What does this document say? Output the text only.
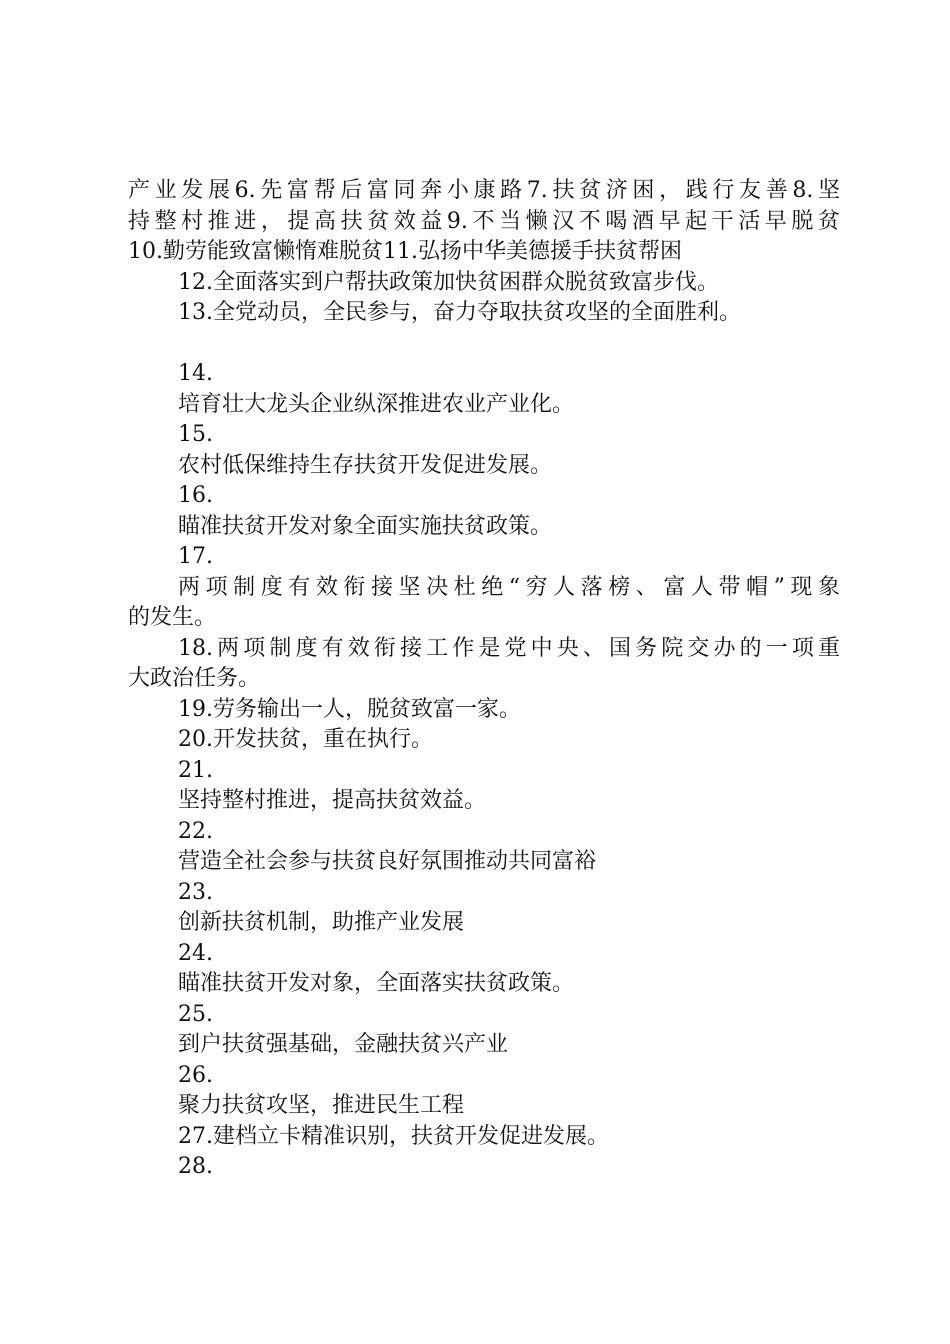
产业发展6.先富帮后富同奔小康路7.扶贫济困，践行友善8.坚
持整村推进，提高扶贫效益9.不当懒汉不喝酒早起干活早脱贫
10.勤劳能致富懒惰难脱贫11.弘扬中华美德援手扶贫帮困
12.全面落实到户帮扶政策加快贫困群众脱贫致富步伐。
13.全党动员，全民参与，奋力夺取扶贫攻坚的全面胜利。
14.
培育壮大龙头企业纵深推进农业产业化。
15.
农村低保维持生存扶贫开发促进发展。
16.
瞄准扶贫开发对象全面实施扶贫政策。
17.
两项制度有效衔接坚决杜绝“穷人落榜、富人带帽”现象
的发生。
18.两项制度有效衔接工作是党中央、国务院交办的一项重
大政治任务。
19.劳务输出一人，脱贫致富一家。
20.开发扶贫，重在执行。
21.
坚持整村推进，提高扶贫效益。
22.
营造全社会参与扶贫良好氛围推动共同富裕
23.
创新扶贫机制，助推产业发展
24.
瞄准扶贫开发对象，全面落实扶贫政策。
25.
到户扶贫强基础，金融扶贫兴产业
26.
聚力扶贫攻坚，推进民生工程
27.建档立卡精准识别，扶贫开发促进发展。
28.
